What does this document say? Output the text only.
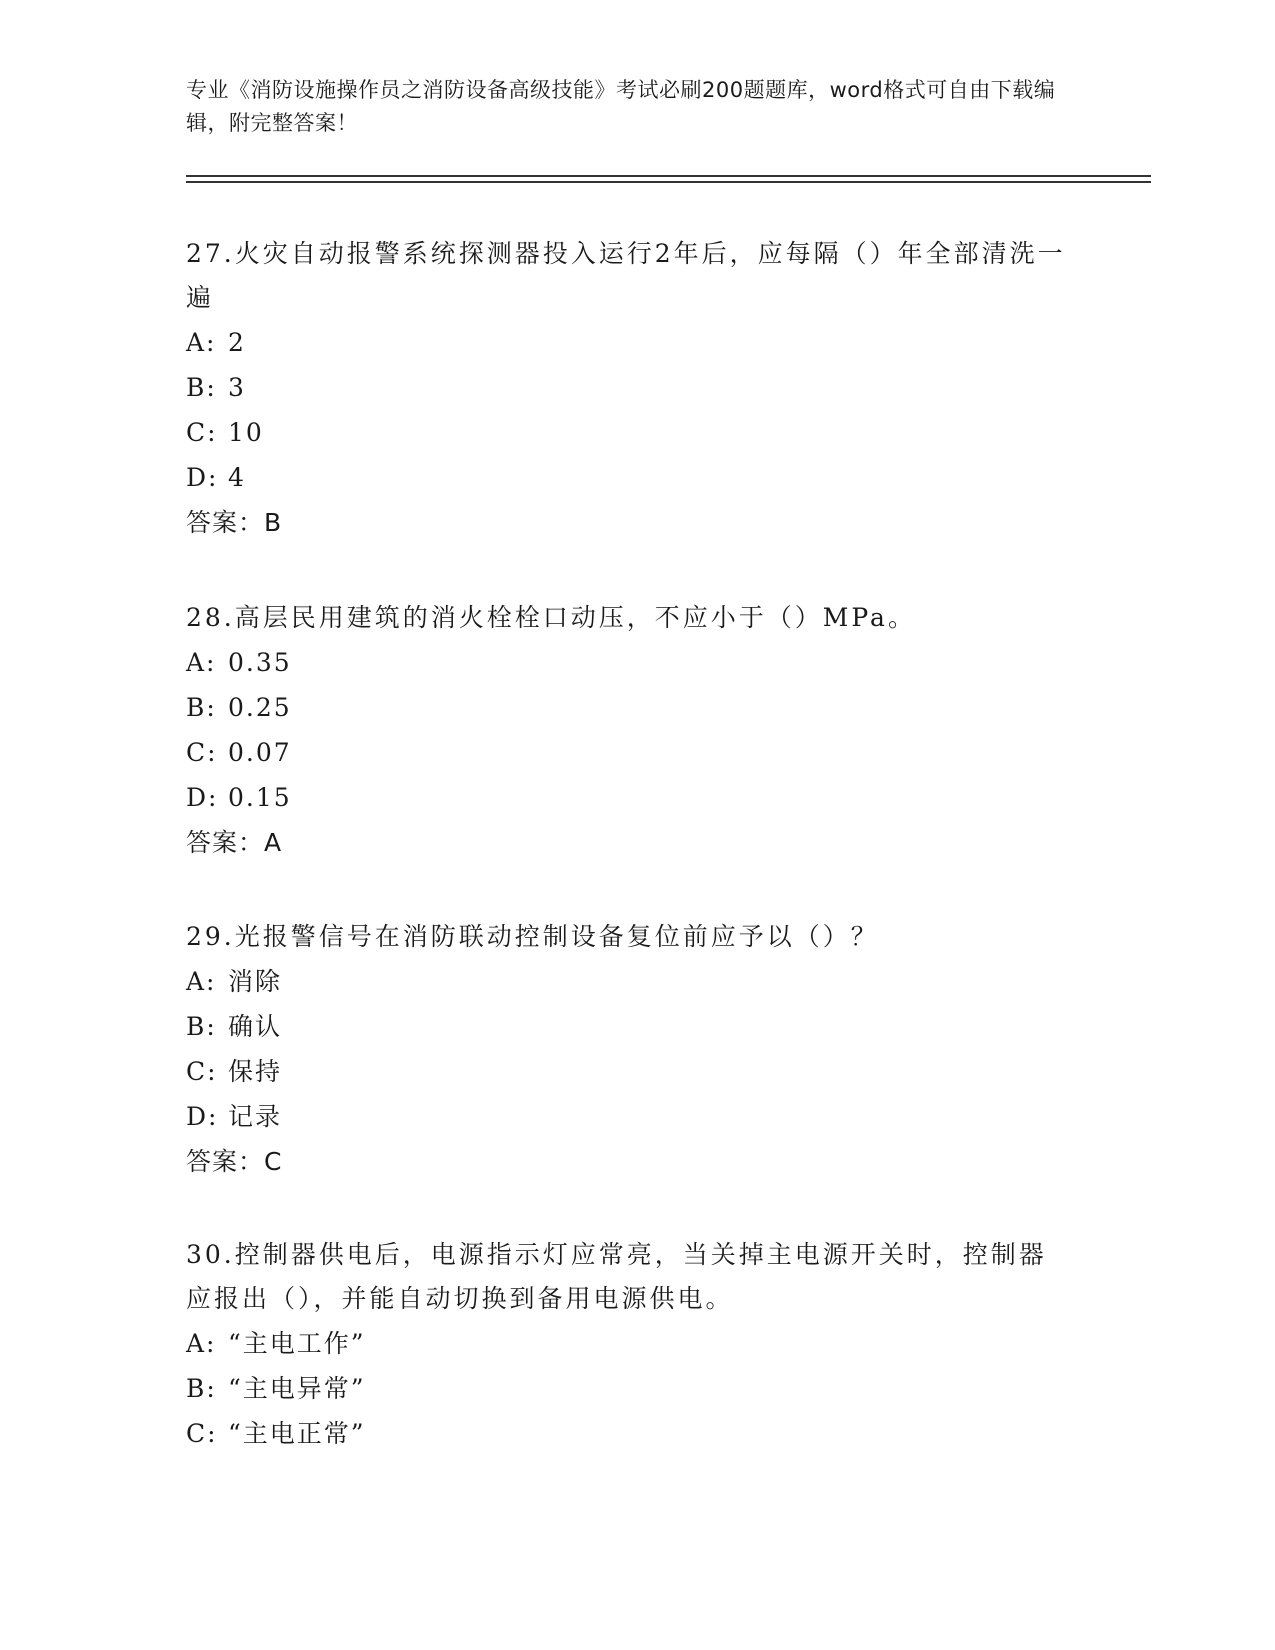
专业《消防设施操作员之消防设备高级技能》考试必刷200题题库，word格式可自由下载编辑，附完整答案！

27.火灾自动报警系统探测器投入运行2年后，应每隔（）年全部清洗一遍

A: 2
B: 3
C: 10
D: 4
答案：B

28.高层民用建筑的消火栓栓口动压，不应小于（）MPa。

A: 0.35
B: 0.25
C: 0.07
D: 0.15
答案：A

29.光报警信号在消防联动控制设备复位前应予以（）？

A: 消除
B: 确认
C: 保持
D: 记录
答案：C

30.控制器供电后，电源指示灯应常亮，当关掉主电源开关时，控制器应报出（），并能自动切换到备用电源供电。

A: “主电工作”
B: “主电异常”
C: “主电正常”
